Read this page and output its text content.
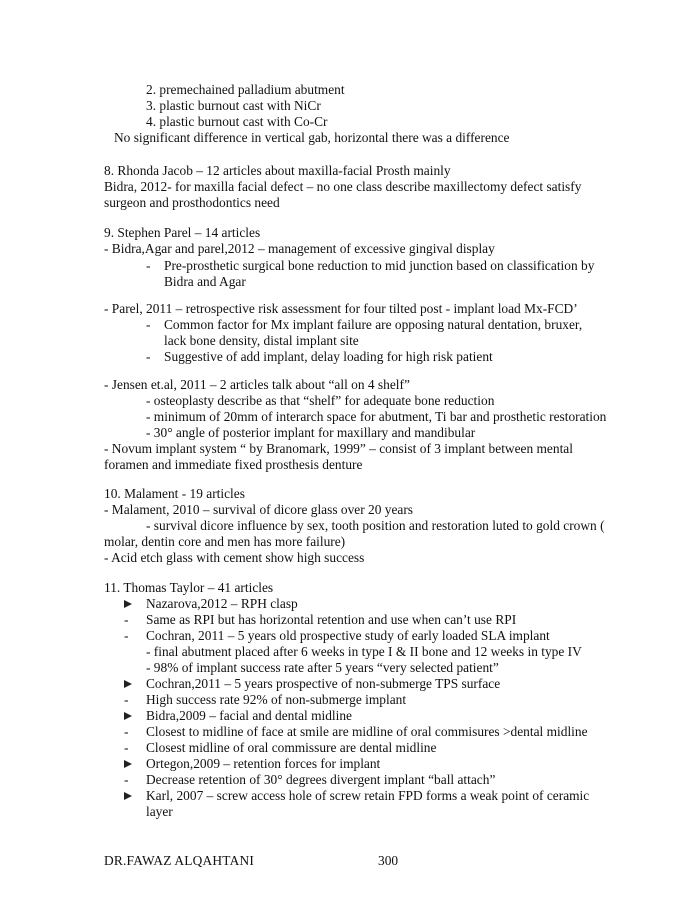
2. premechained palladium abutment
3. plastic burnout cast with NiCr
4. plastic burnout cast with Co-Cr
No significant difference in vertical gab, horizontal there was a difference
8. Rhonda Jacob – 12 articles about maxilla-facial Prosth mainly
Bidra, 2012- for maxilla facial defect – no one class describe maxillectomy defect satisfy
surgeon and prosthodontics need
9. Stephen Parel – 14 articles
- Bidra,Agar and parel,2012 – management of excessive gingival display
- Pre-prosthetic surgical bone reduction to mid junction based on classification by
Bidra and Agar
- Parel, 2011 – retrospective risk assessment for four tilted post - implant load Mx-FCD’
- Common factor for Mx implant failure are opposing natural dentation, bruxer,
lack bone density, distal implant site
- Suggestive of add implant, delay loading for high risk patient
- Jensen et.al, 2011 – 2 articles talk about “all on 4 shelf”
- osteoplasty describe as that “shelf” for adequate bone reduction
- minimum of 20mm of interarch space for abutment, Ti bar and prosthetic restoration
- 30° angle of posterior implant for maxillary and mandibular
- Novum implant system “ by Branomark, 1999” – consist of 3 implant between mental
foramen and immediate fixed prosthesis denture
10. Malament - 19 articles
- Malament, 2010 – survival of dicore glass over 20 years
- survival dicore influence by sex, tooth position and restoration luted to gold crown (
molar, dentin core and men has more failure)
- Acid etch glass with cement show high success
11. Thomas Taylor – 41 articles
Nazarova,2012 – RPH clasp
- Same as RPI but has horizontal retention and use when can’t use RPI
- Cochran, 2011 – 5 years old prospective study of early loaded SLA implant
- final abutment placed after 6 weeks in type I & II bone and 12 weeks in type IV
- 98% of implant success rate after 5 years “very selected patient”
Cochran,2011 – 5 years prospective of non-submerge TPS surface
- High success rate 92% of non-submerge implant
Bidra,2009 – facial and dental midline
- Closest to midline of face at smile are midline of oral commisures >dental midline
- Closest midline of oral commissure are dental midline
Ortegon,2009 – retention forces for implant
- Decrease retention of 30° degrees divergent implant “ball attach”
Karl, 2007 – screw access hole of screw retain FPD forms a weak point of ceramic
layer
DR.FAWAZ ALQAHTANI	300
